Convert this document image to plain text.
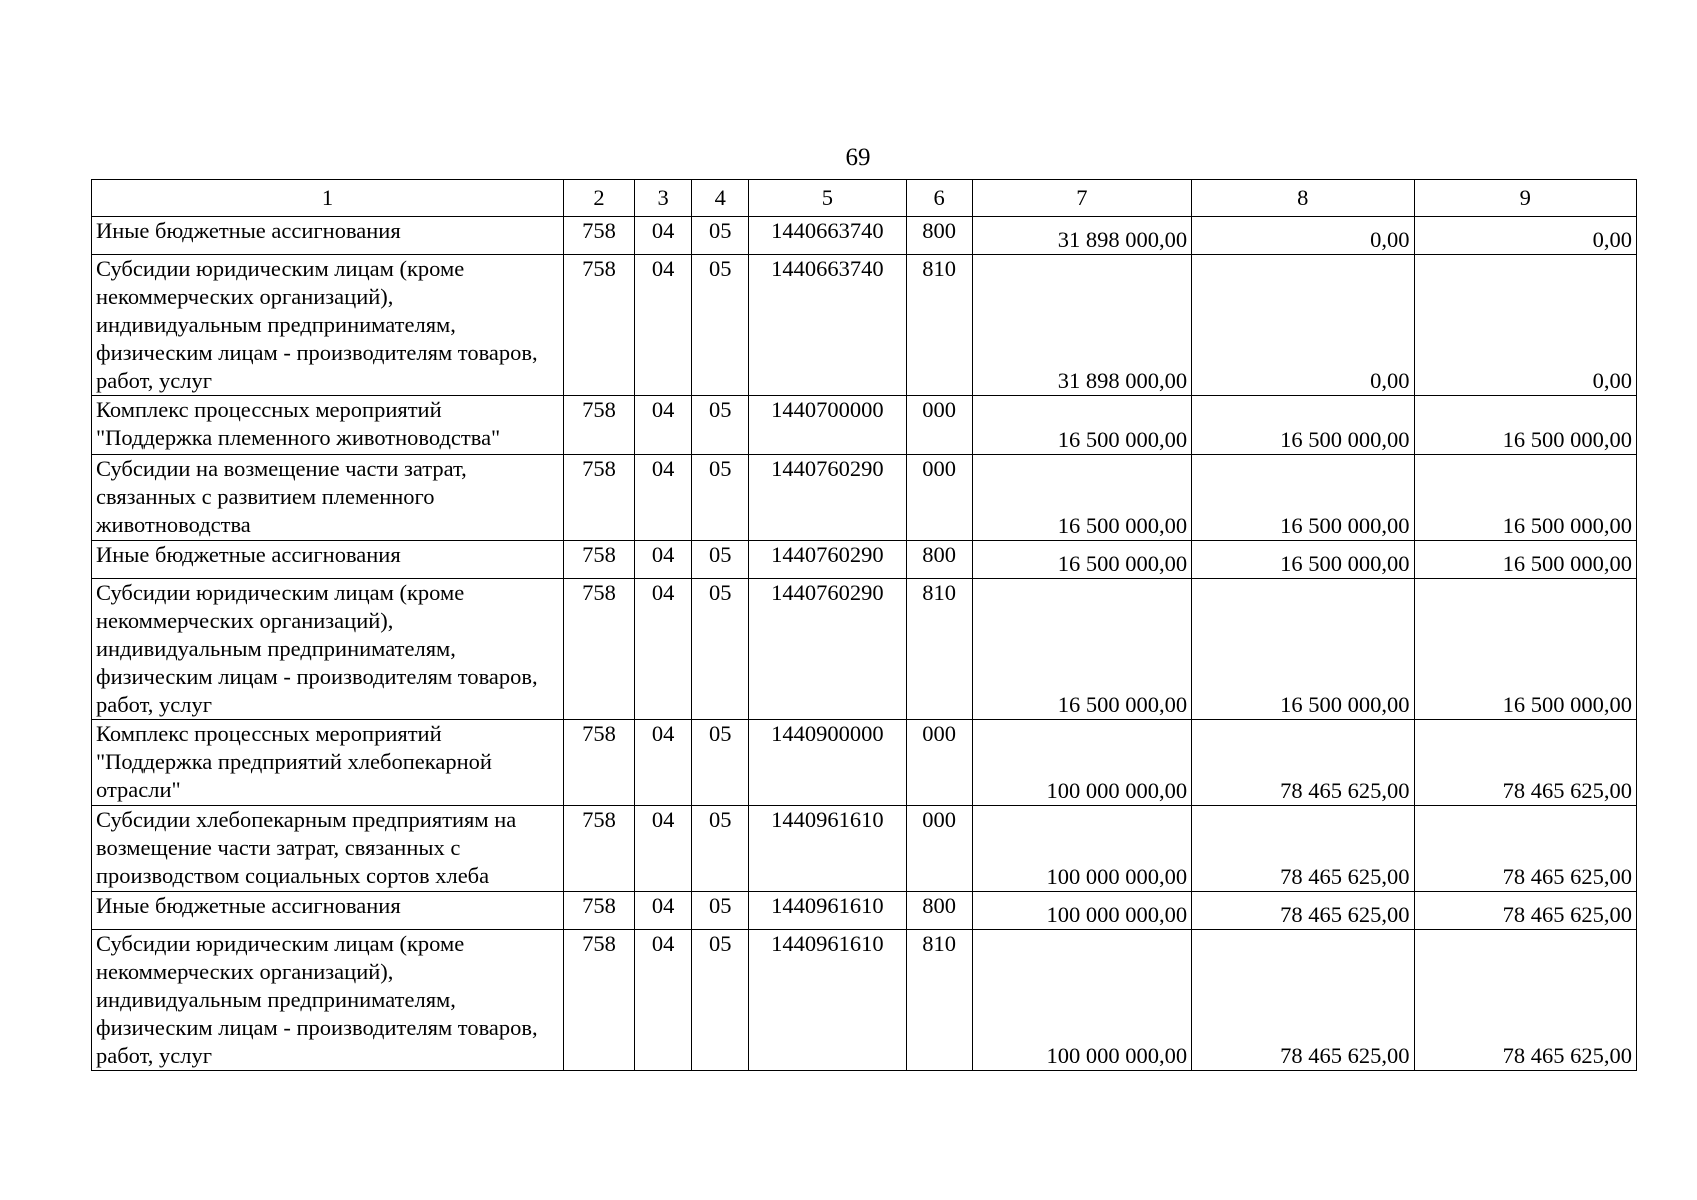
69
1	2	3	4	5	6	7	8	9
Иные бюджетные ассигнования	758	04	05	1440663740	800	31 898 000,00	0,00	0,00
Субсидии юридическим лицам (кроме некоммерческих организаций), индивидуальным предпринимателям, физическим лицам - производителям товаров, работ, услуг	758	04	05	1440663740	810	31 898 000,00	0,00	0,00
Комплекс процессных мероприятий "Поддержка племенного животноводства"	758	04	05	1440700000	000	16 500 000,00	16 500 000,00	16 500 000,00
Субсидии на возмещение части затрат, связанных с развитием племенного животноводства	758	04	05	1440760290	000	16 500 000,00	16 500 000,00	16 500 000,00
Иные бюджетные ассигнования	758	04	05	1440760290	800	16 500 000,00	16 500 000,00	16 500 000,00
Субсидии юридическим лицам (кроме некоммерческих организаций), индивидуальным предпринимателям, физическим лицам - производителям товаров, работ, услуг	758	04	05	1440760290	810	16 500 000,00	16 500 000,00	16 500 000,00
Комплекс процессных мероприятий "Поддержка предприятий хлебопекарной отрасли"	758	04	05	1440900000	000	100 000 000,00	78 465 625,00	78 465 625,00
Субсидии хлебопекарным предприятиям на возмещение части затрат, связанных с производством социальных сортов хлеба	758	04	05	1440961610	000	100 000 000,00	78 465 625,00	78 465 625,00
Иные бюджетные ассигнования	758	04	05	1440961610	800	100 000 000,00	78 465 625,00	78 465 625,00
Субсидии юридическим лицам (кроме некоммерческих организаций), индивидуальным предпринимателям, физическим лицам - производителям товаров, работ, услуг	758	04	05	1440961610	810	100 000 000,00	78 465 625,00	78 465 625,00
